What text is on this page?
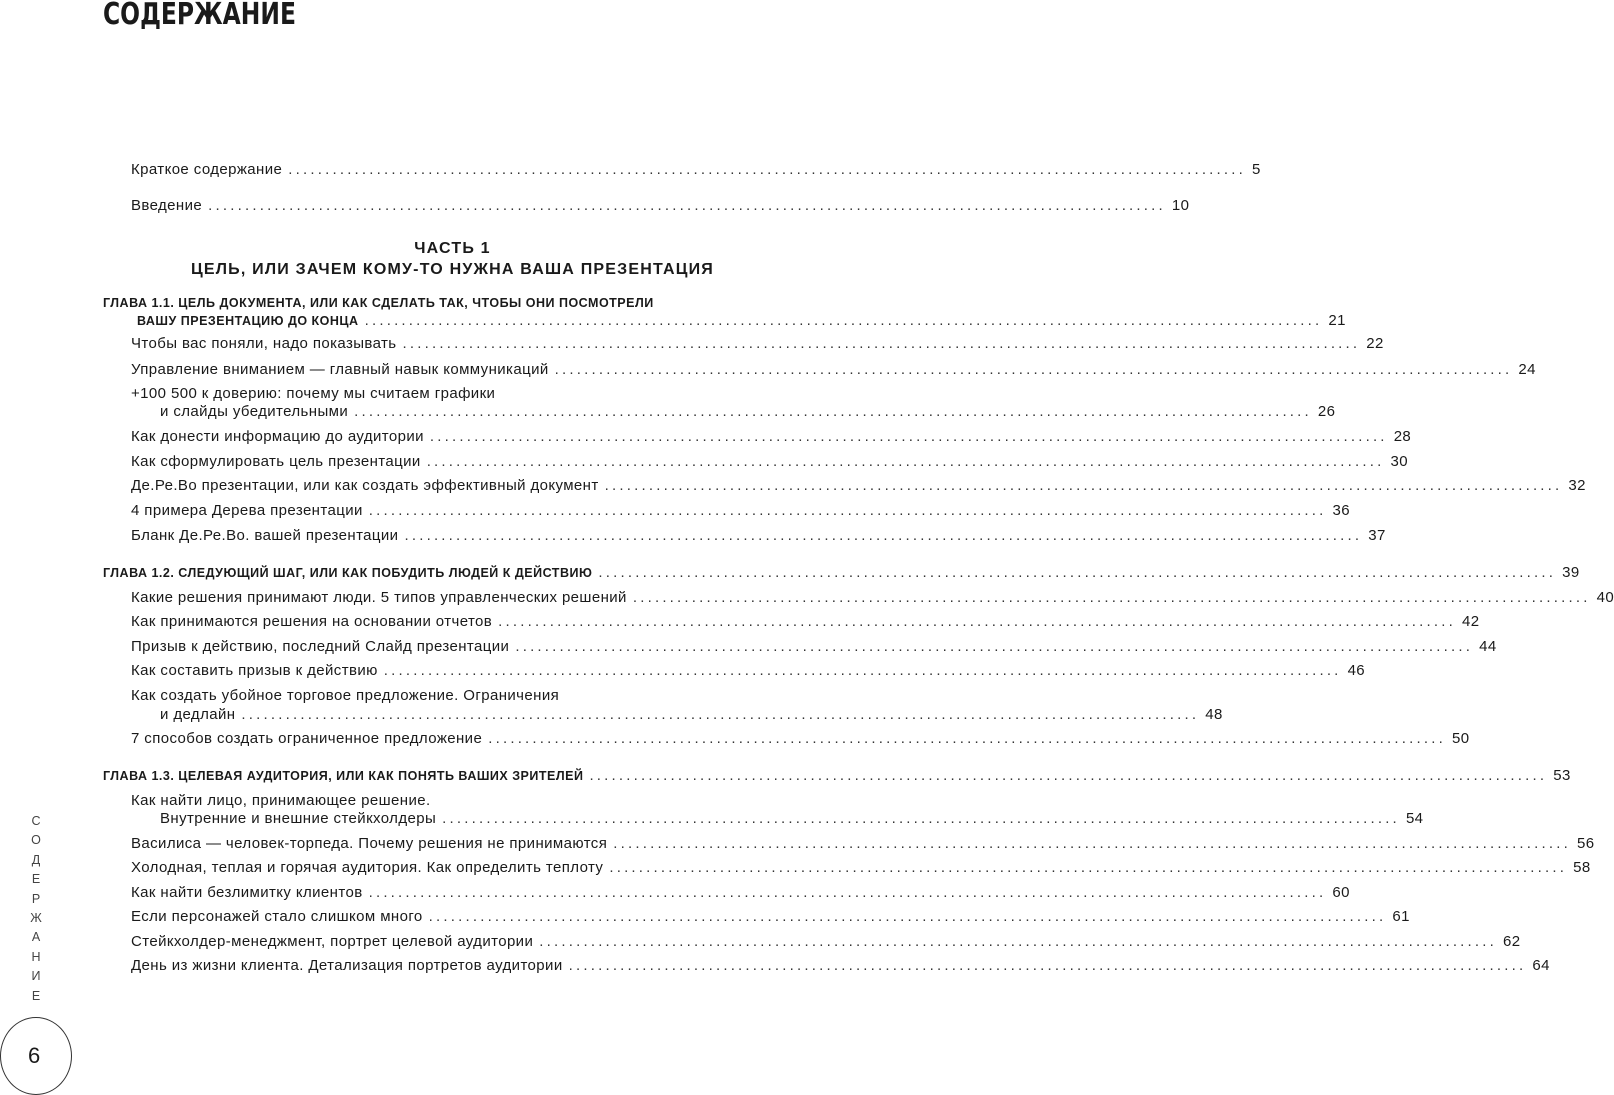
СОДЕРЖАНИЕ
Краткое содержание .................................................................................................................................. 5
Введение .................................................................................................................................. 10
ЧАСТЬ 1
ЦЕЛЬ, ИЛИ ЗАЧЕМ КОМУ-ТО НУЖНА ВАША ПРЕЗЕНТАЦИЯ
ГЛАВА 1.1. ЦЕЛЬ ДОКУМЕНТА, ИЛИ КАК СДЕЛАТЬ ТАК, ЧТОБЫ ОНИ ПОСМОТРЕЛИ
ВАШУ ПРЕЗЕНТАЦИЮ ДО КОНЦА .................................................................................................................................. 21
Чтобы вас поняли, надо показывать .................................................................................................................................. 22
Управление вниманием — главный навык коммуникаций .................................................................................................................................. 24
+100 500 к доверию: почему мы считаем графики
и слайды убедительными .................................................................................................................................. 26
Как донести информацию до аудитории .................................................................................................................................. 28
Как сформулировать цель презентации .................................................................................................................................. 30
Де.Ре.Во презентации, или как создать эффективный документ .................................................................................................................................. 32
4 примера Дерева презентации .................................................................................................................................. 36
Бланк Де.Ре.Во. вашей презентации .................................................................................................................................. 37
ГЛАВА 1.2. СЛЕДУЮЩИЙ ШАГ, ИЛИ КАК ПОБУДИТЬ ЛЮДЕЙ К ДЕЙСТВИЮ .................................................................................................................................. 39
Какие решения принимают люди. 5 типов управленческих решений .................................................................................................................................. 40
Как принимаются решения на основании отчетов .................................................................................................................................. 42
Призыв к действию, последний Слайд презентации .................................................................................................................................. 44
Как составить призыв к действию .................................................................................................................................. 46
Как создать убойное торговое предложение. Ограничения
и дедлайн .................................................................................................................................. 48
7 способов создать ограниченное предложение .................................................................................................................................. 50
ГЛАВА 1.3. ЦЕЛЕВАЯ АУДИТОРИЯ, ИЛИ КАК ПОНЯТЬ ВАШИХ ЗРИТЕЛЕЙ .................................................................................................................................. 53
Как найти лицо, принимающее решение.
Внутренние и внешние стейкхолдеры .................................................................................................................................. 54
Василиса — человек-торпеда. Почему решения не принимаются .................................................................................................................................. 56
Холодная, теплая и горячая аудитория. Как определить теплоту .................................................................................................................................. 58
Как найти безлимитку клиентов .................................................................................................................................. 60
Если персонажей стало слишком много .................................................................................................................................. 61
Стейкхолдер-менеджмент, портрет целевой аудитории .................................................................................................................................. 62
День из жизни клиента. Детализация портретов аудитории .................................................................................................................................. 64
С
О
Д
Е
Р
Ж
А
Н
И
Е
6
